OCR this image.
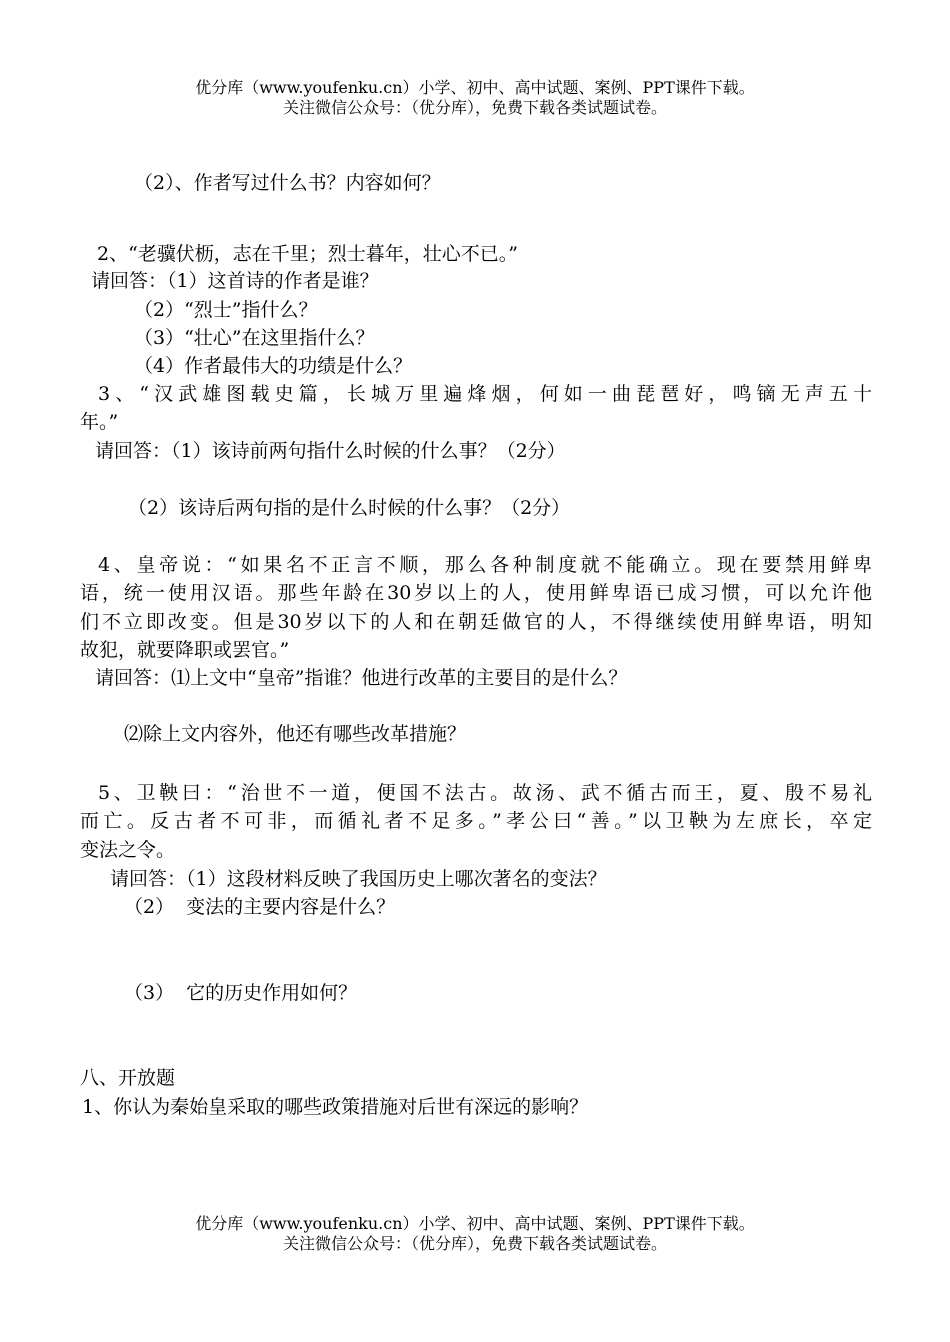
优分库（www.youfenku.cn）小学、初中、高中试题、案例、PPT课件下载。
关注微信公众号：（优分库），免费下载各类试题试卷。
（2）、作者写过什么书？内容如何？
2、“老骥伏枥，志在千里；烈士暮年，壮心不已。”
请回答：（1）这首诗的作者是谁？
（2）“烈士”指什么？
（3）“壮心”在这里指什么？
（4）作者最伟大的功绩是什么？
3、“汉武雄图载史篇，长城万里遍烽烟，何如一曲琵琶好，鸣镝无声五十
年。”
请回答：（1）该诗前两句指什么时候的什么事？（2分）
（2）该诗后两句指的是什么时候的什么事？（2分）
4、皇帝说：“如果名不正言不顺，那么各种制度就不能确立。现在要禁用鲜卑
语，统一使用汉语。那些年龄在30岁以上的人，使用鲜卑语已成习惯，可以允许他
们不立即改变。但是30岁以下的人和在朝廷做官的人，不得继续使用鲜卑语，明知
故犯，就要降职或罢官。”
请回答：⑴上文中“皇帝”指谁？他进行改革的主要目的是什么？
⑵除上文内容外，他还有哪些改革措施？
5、卫鞅曰：“治世不一道，便国不法古。故汤、武不循古而王，夏、殷不易礼
而亡。反古者不可非，而循礼者不足多。”孝公曰“善。”以卫鞅为左庶长，卒定
变法之令。
请回答：（1）这段材料反映了我国历史上哪次著名的变法？
（2）  变法的主要内容是什么？
（3）  它的历史作用如何？
八、开放题
1、你认为秦始皇采取的哪些政策措施对后世有深远的影响？
优分库（www.youfenku.cn）小学、初中、高中试题、案例、PPT课件下载。
关注微信公众号：（优分库），免费下载各类试题试卷。
